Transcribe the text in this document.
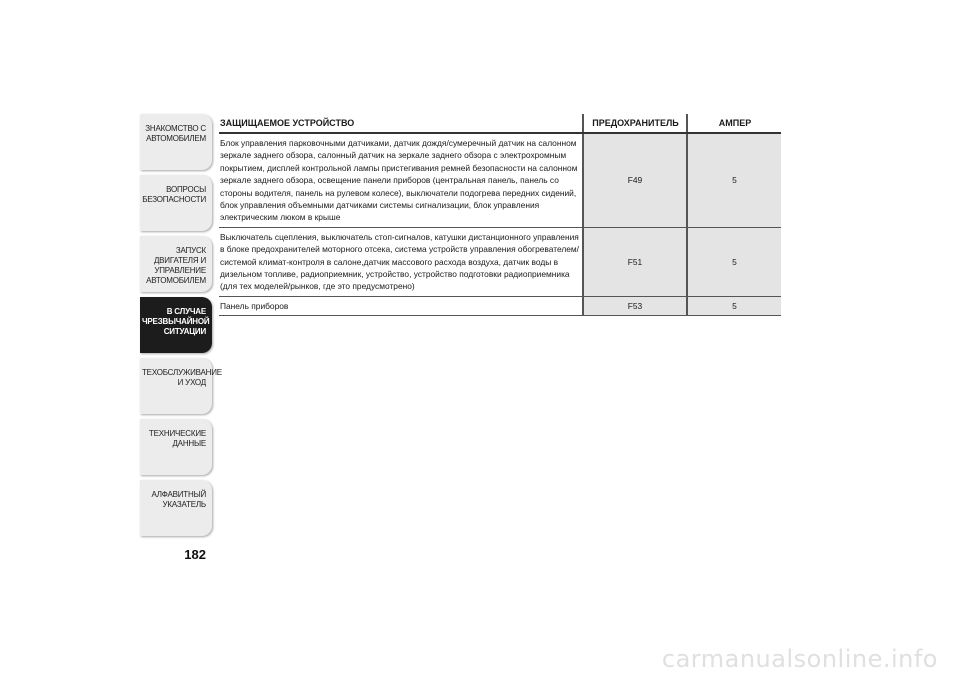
ЗНАКОМСТВО С
АВТОМОБИЛЕМ
ВОПРОСЫ
БЕЗОПАСНОСТИ
ЗАПУСК ДВИГАТЕЛЯ И
УПРАВЛЕНИЕ
АВТОМОБИЛЕМ
В СЛУЧАЕ
ЧРЕЗВЫЧАЙНОЙ
СИТУАЦИИ
ТЕХОБСЛУЖИВАНИЕ
И УХОД
ТЕХНИЧЕСКИЕ
ДАННЫЕ
АЛФАВИТНЫЙ
УКАЗАТЕЛЬ
182
ЗАЩИЩАЕМОЕ УСТРОЙСТВО	ПРЕДОХРАНИТЕЛЬ	АМПЕР
Блок управления парковочными датчиками, датчик дождя/сумеречный датчик на салонном зеркале заднего обзора, салонный датчик на зеркале заднего обзора с электрохромным покрытием, дисплей контрольной лампы пристегивания ремней безопасности на салонном зеркале заднего обзора, освещение панели приборов (центральная панель, панель со стороны водителя, панель на рулевом колесе), выключатели подогрева передних сидений, блок управления объемными датчиками системы сигнализации, блок управления электрическим люком в крыше	F49	5
Выключатель сцепления, выключатель стоп-сигналов, катушки дистанционного управления в блоке предохранителей моторного отсека, система устройств управления обогревателем/ системой климат-контроля в салоне,датчик массового расхода воздуха, датчик воды в дизельном топливе, радиоприемник, устройство, устройство подготовки радиоприемника (для тех моделей/рынков, где это предусмотрено)	F51	5
Панель приборов	F53	5
carmanualsonline.info
